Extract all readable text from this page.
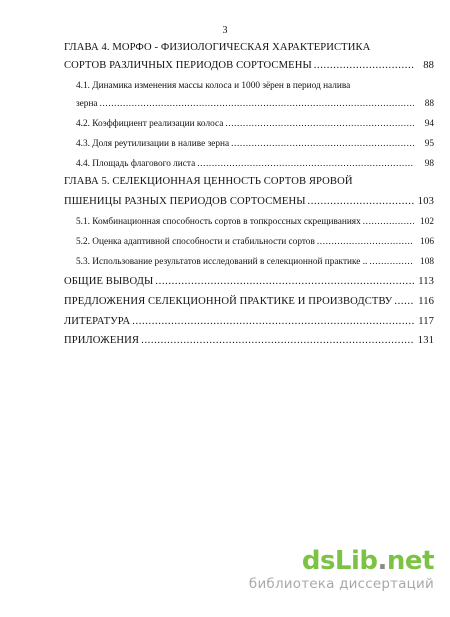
3
ГЛАВА 4. МОРФО - ФИЗИОЛОГИЧЕСКАЯ ХАРАКТЕРИСТИКА
СОРТОВ РАЗЛИЧНЫХ ПЕРИОДОВ СОРТОСМЕНЫ .....	88
4.1. Динамика изменения массы колоса и 1000 зёрен в период налива
зерна .....	88
4.2. Коэффициент реализации колоса .....	94
4.3. Доля реутилизации в наливе зерна .....	95
4.4. Площадь флагового листа .....	98
ГЛАВА 5. СЕЛЕКЦИОННАЯ ЦЕННОСТЬ СОРТОВ ЯРОВОЙ
ПШЕНИЦЫ РАЗНЫХ ПЕРИОДОВ СОРТОСМЕНЫ .....	103
5.1. Комбинационная способность сортов в топкроссных скрещиваниях .....	102
5.2. Оценка адаптивной способности и стабильности сортов .....	106
5.3. Использование результатов исследований в селекционной практике .. .....	108
ОБЩИЕ ВЫВОДЫ .....	113
ПРЕДЛОЖЕНИЯ СЕЛЕКЦИОННОЙ ПРАКТИКЕ И ПРОИЗВОДСТВУ ..... 116
ЛИТЕРАТУРА .....	117
ПРИЛОЖЕНИЯ .....	131
dsLib.net
библиотека диссертаций
